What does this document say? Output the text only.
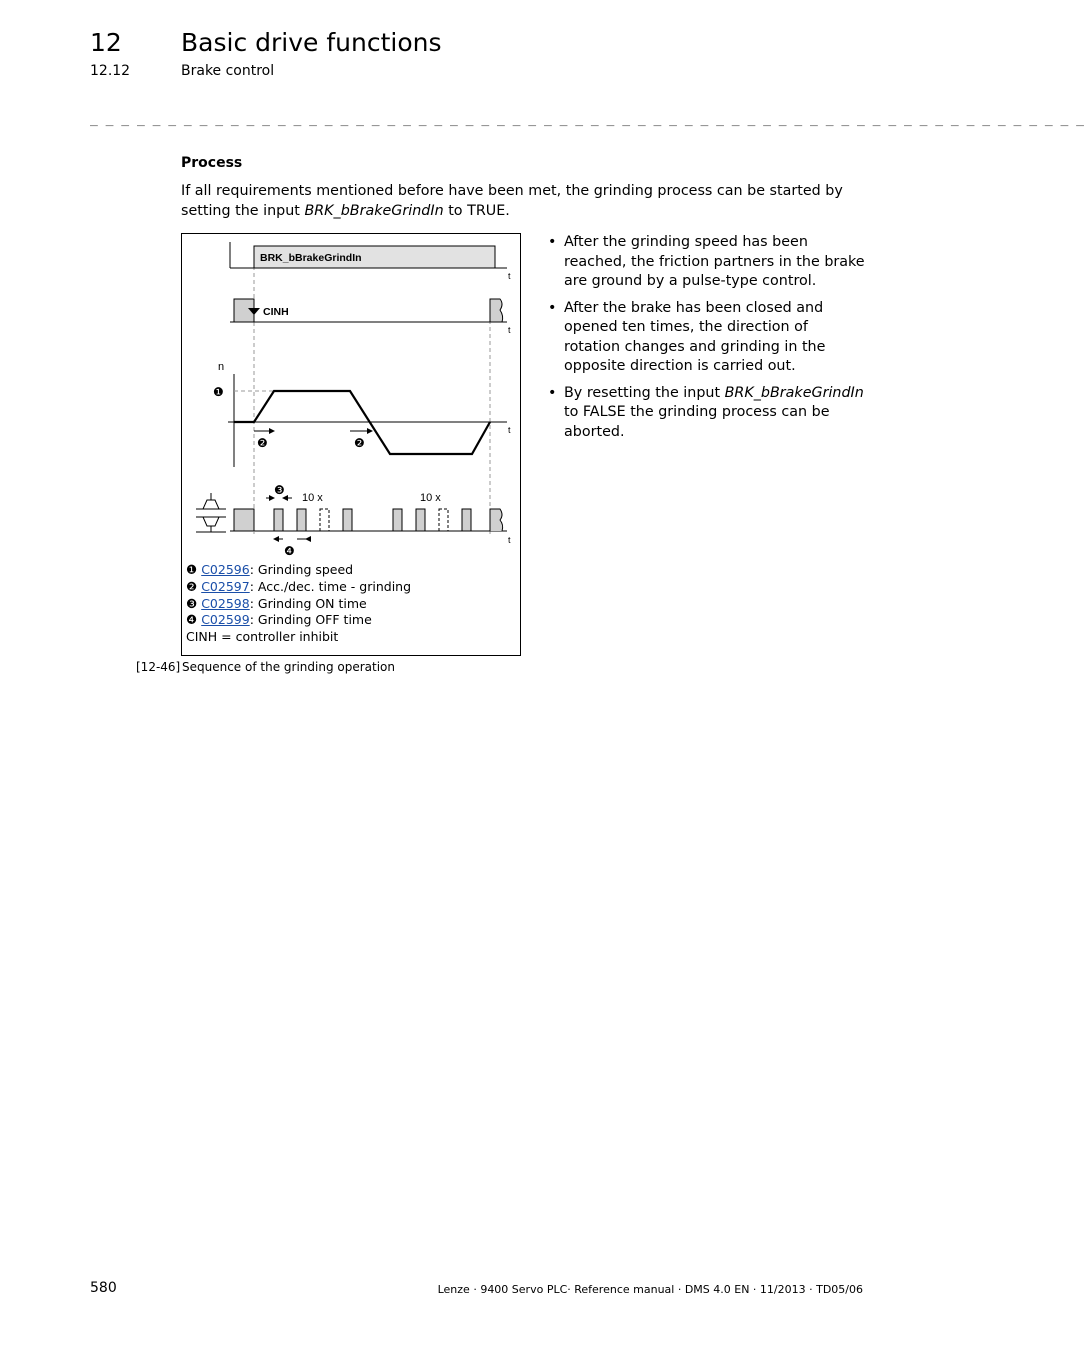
12 Basic drive functions
12.12	Brake control
_ _ _ _ _ _ _ _ _ _ _ _ _ _ _ _ _ _ _ _ _ _ _ _ _ _ _ _ _ _ _ _ _ _ _ _ _ _ _ _ _ _ _ _ _ _ _ _ _ _ _ _ _ _ _ _ _ _ _ _ _ _ _ _
Process
If all requirements mentioned before have been met, the grinding process can be started by setting the input BRK_bBrakeGrindIn to TRUE.
BRK_bBrakeGrindIn
t
CINH
t
n
t
❶
❷	❷
t
10 x	10 x
❸
❹
❶ C02596: Grinding speed
❷ C02597: Acc./dec. time - grinding
❸ C02598: Grinding ON time
❹ C02599: Grinding OFF time
CINH = controller inhibit
• After the grinding speed has been reached, the friction partners in the brake are ground by a pulse-type control.
• After the brake has been closed and opened ten times, the direction of rotation changes and grinding in the opposite direction is carried out.
• By resetting the input BRK_bBrakeGrindIn to FALSE the grinding process can be aborted.
[12-46] Sequence of the grinding operation
580	Lenze · 9400 Servo PLC· Reference manual · DMS 4.0 EN · 11/2013 · TD05/06
